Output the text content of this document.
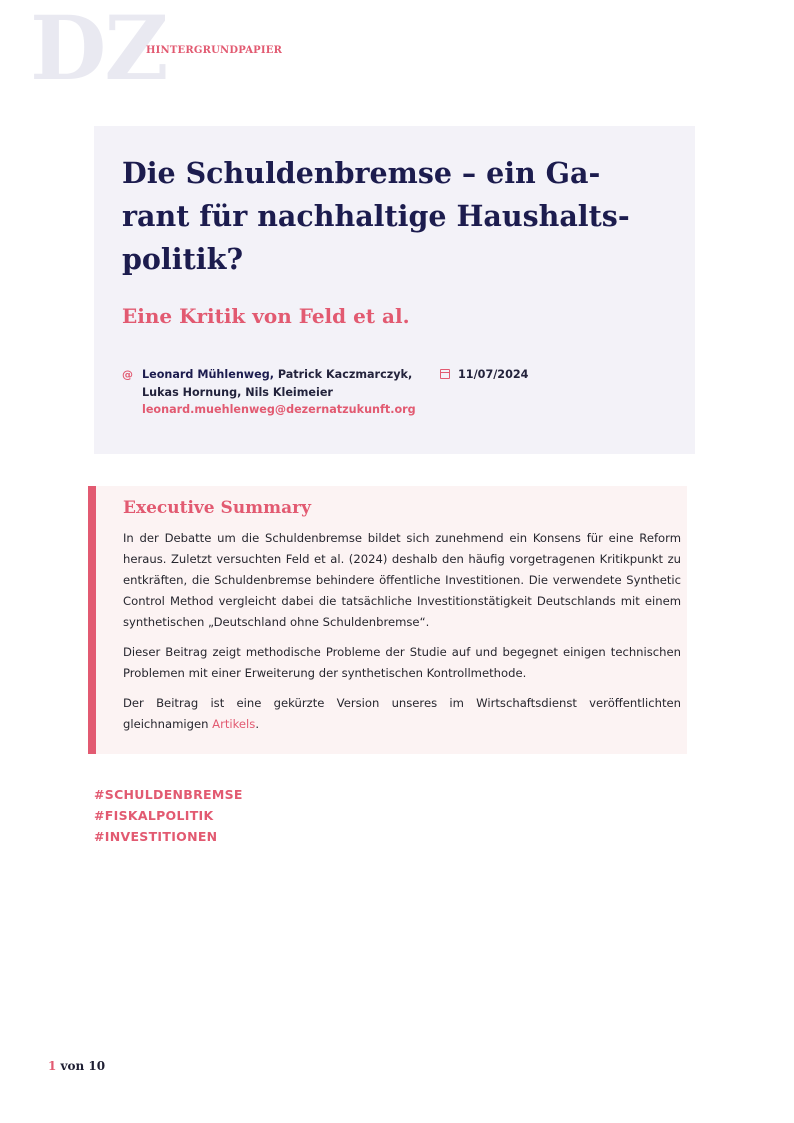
DZ
HINTERGRUNDPAPIER
Die Schuldenbremse – ein Ga-
rant für nachhaltige Haushalts-
politik?
Eine Kritik von Feld et al.
@ Leonard Mühlenweg, Patrick Kaczmarczyk, Lukas Hornung, Nils Kleimeier
leonard.muehlenweg@dezernatzukunft.org
11/07/2024
Executive Summary

In der Debatte um die Schuldenbremse bildet sich zunehmend ein Konsens für eine Reform heraus. Zuletzt versuchten Feld et al. (2024) deshalb den häufig vorgetragenen Kritikpunkt zu entkräften, die Schuldenbremse behindere öffentliche Investitionen. Die verwendete Synthetic Control Method vergleicht dabei die tatsächliche Investitionstätigkeit Deutschlands mit einem synthetischen „Deutschland ohne Schuldenbremse“.

Dieser Beitrag zeigt methodische Probleme der Studie auf und begegnet einigen technischen Problemen mit einer Erweiterung der synthetischen Kontrollmethode.

Der Beitrag ist eine gekürzte Version unseres im Wirtschaftsdienst veröffentlichten gleichnamigen Artikels.

#SCHULDENBREMSE
#FISKALPOLITIK
#INVESTITIONEN
1 von 10
